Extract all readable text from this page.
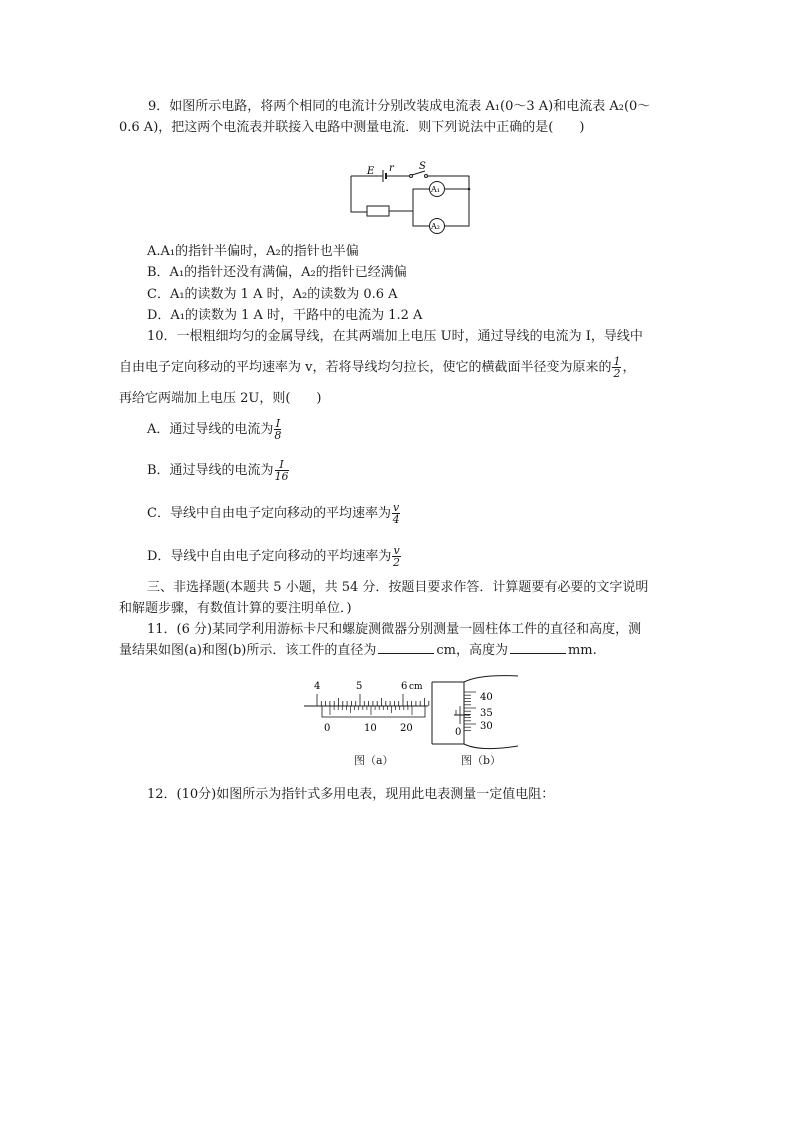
9．如图所示电路，将两个相同的电流计分别改装成电流表 A₁(0～3 A)和电流表 A₂(0～
0.6 A)，把这两个电流表并联接入电路中测量电流．则下列说法中正确的是(　　)
E r	S
A₁
A₂
A.A₁的指针半偏时，A₂的指针也半偏
B．A₁的指针还没有满偏，A₂的指针已经满偏
C．A₁的读数为 1 A 时，A₂的读数为 0.6 A
D．A₁的读数为 1 A 时，干路中的电流为 1.2 A
10．一根粗细均匀的金属导线，在其两端加上电压 U时，通过导线的电流为 I，导线中
自由电子定向移动的平均速率为 v，若将导线均匀拉长，使它的横截面半径变为原来的 $\frac{1}{2}$ ，
再给它两端加上电压 2U，则(　　)
A．通过导线的电流为 $\frac{I}{8}$
B．通过导线的电流为 $\frac{I}{16}$
C．导线中自由电子定向移动的平均速率为 $\frac{v}{4}$
D．导线中自由电子定向移动的平均速率为 $\frac{v}{2}$
三、非选择题(本题共 5 小题，共 54 分．按题目要求作答．计算题要有必要的文字说明
和解题步骤，有数值计算的要注明单位．)
11．(6 分)某同学利用游标卡尺和螺旋测微器分别测量一圆柱体工件的直径和高度，测
量结果如图(a)和图(b)所示．该工件的直径为	cm，高度为	mm.
4	5	6 cm
0	10 20
图（a）
40
35
30
0
图（b）
12．(10分)如图所示为指针式多用电表，现用此电表测量一定值电阻：
